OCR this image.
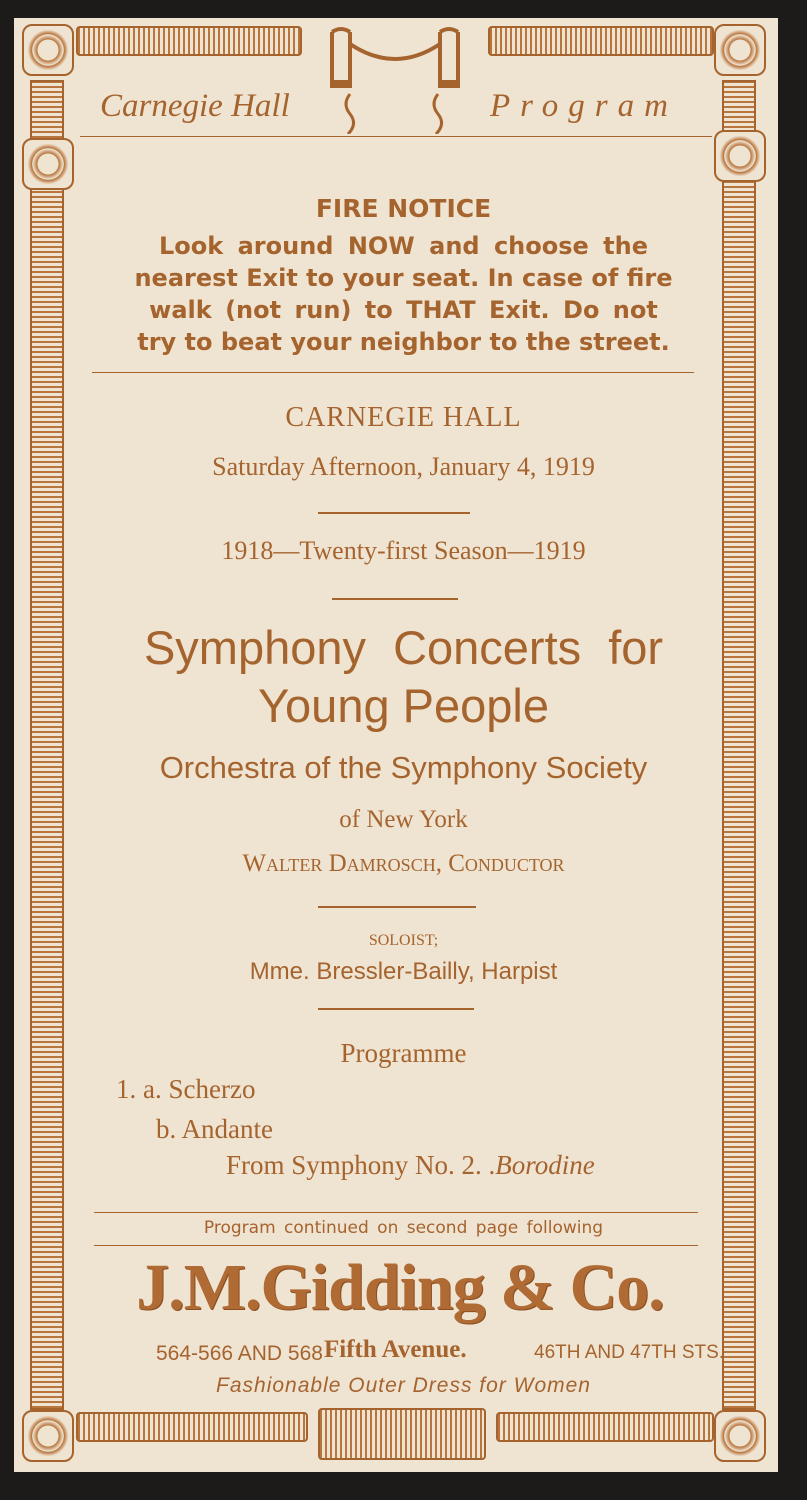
Carnegie Hall	Program
FIRE NOTICE
Look around NOW and choose the
nearest Exit to your seat. In case of fire
walk (not run) to THAT Exit. Do not
try to beat your neighbor to the street.
CARNEGIE HALL
Saturday Afternoon, January 4, 1919
1918—Twenty-first Season—1919
Symphony Concerts for
Young People
Orchestra of the Symphony Society
of New York
Walter Damrosch, Conductor
SOLOIST;
Mme. Bressler-Bailly, Harpist
Programme
1. a. Scherzo
b. Andante
From Symphony No. 2. .Borodine
Program continued on second page following
J.M.Gidding & Co.
564-566 AND 568 Fifth Avenue.	46TH AND 47TH STS.
Fashionable Outer Dress for Women
